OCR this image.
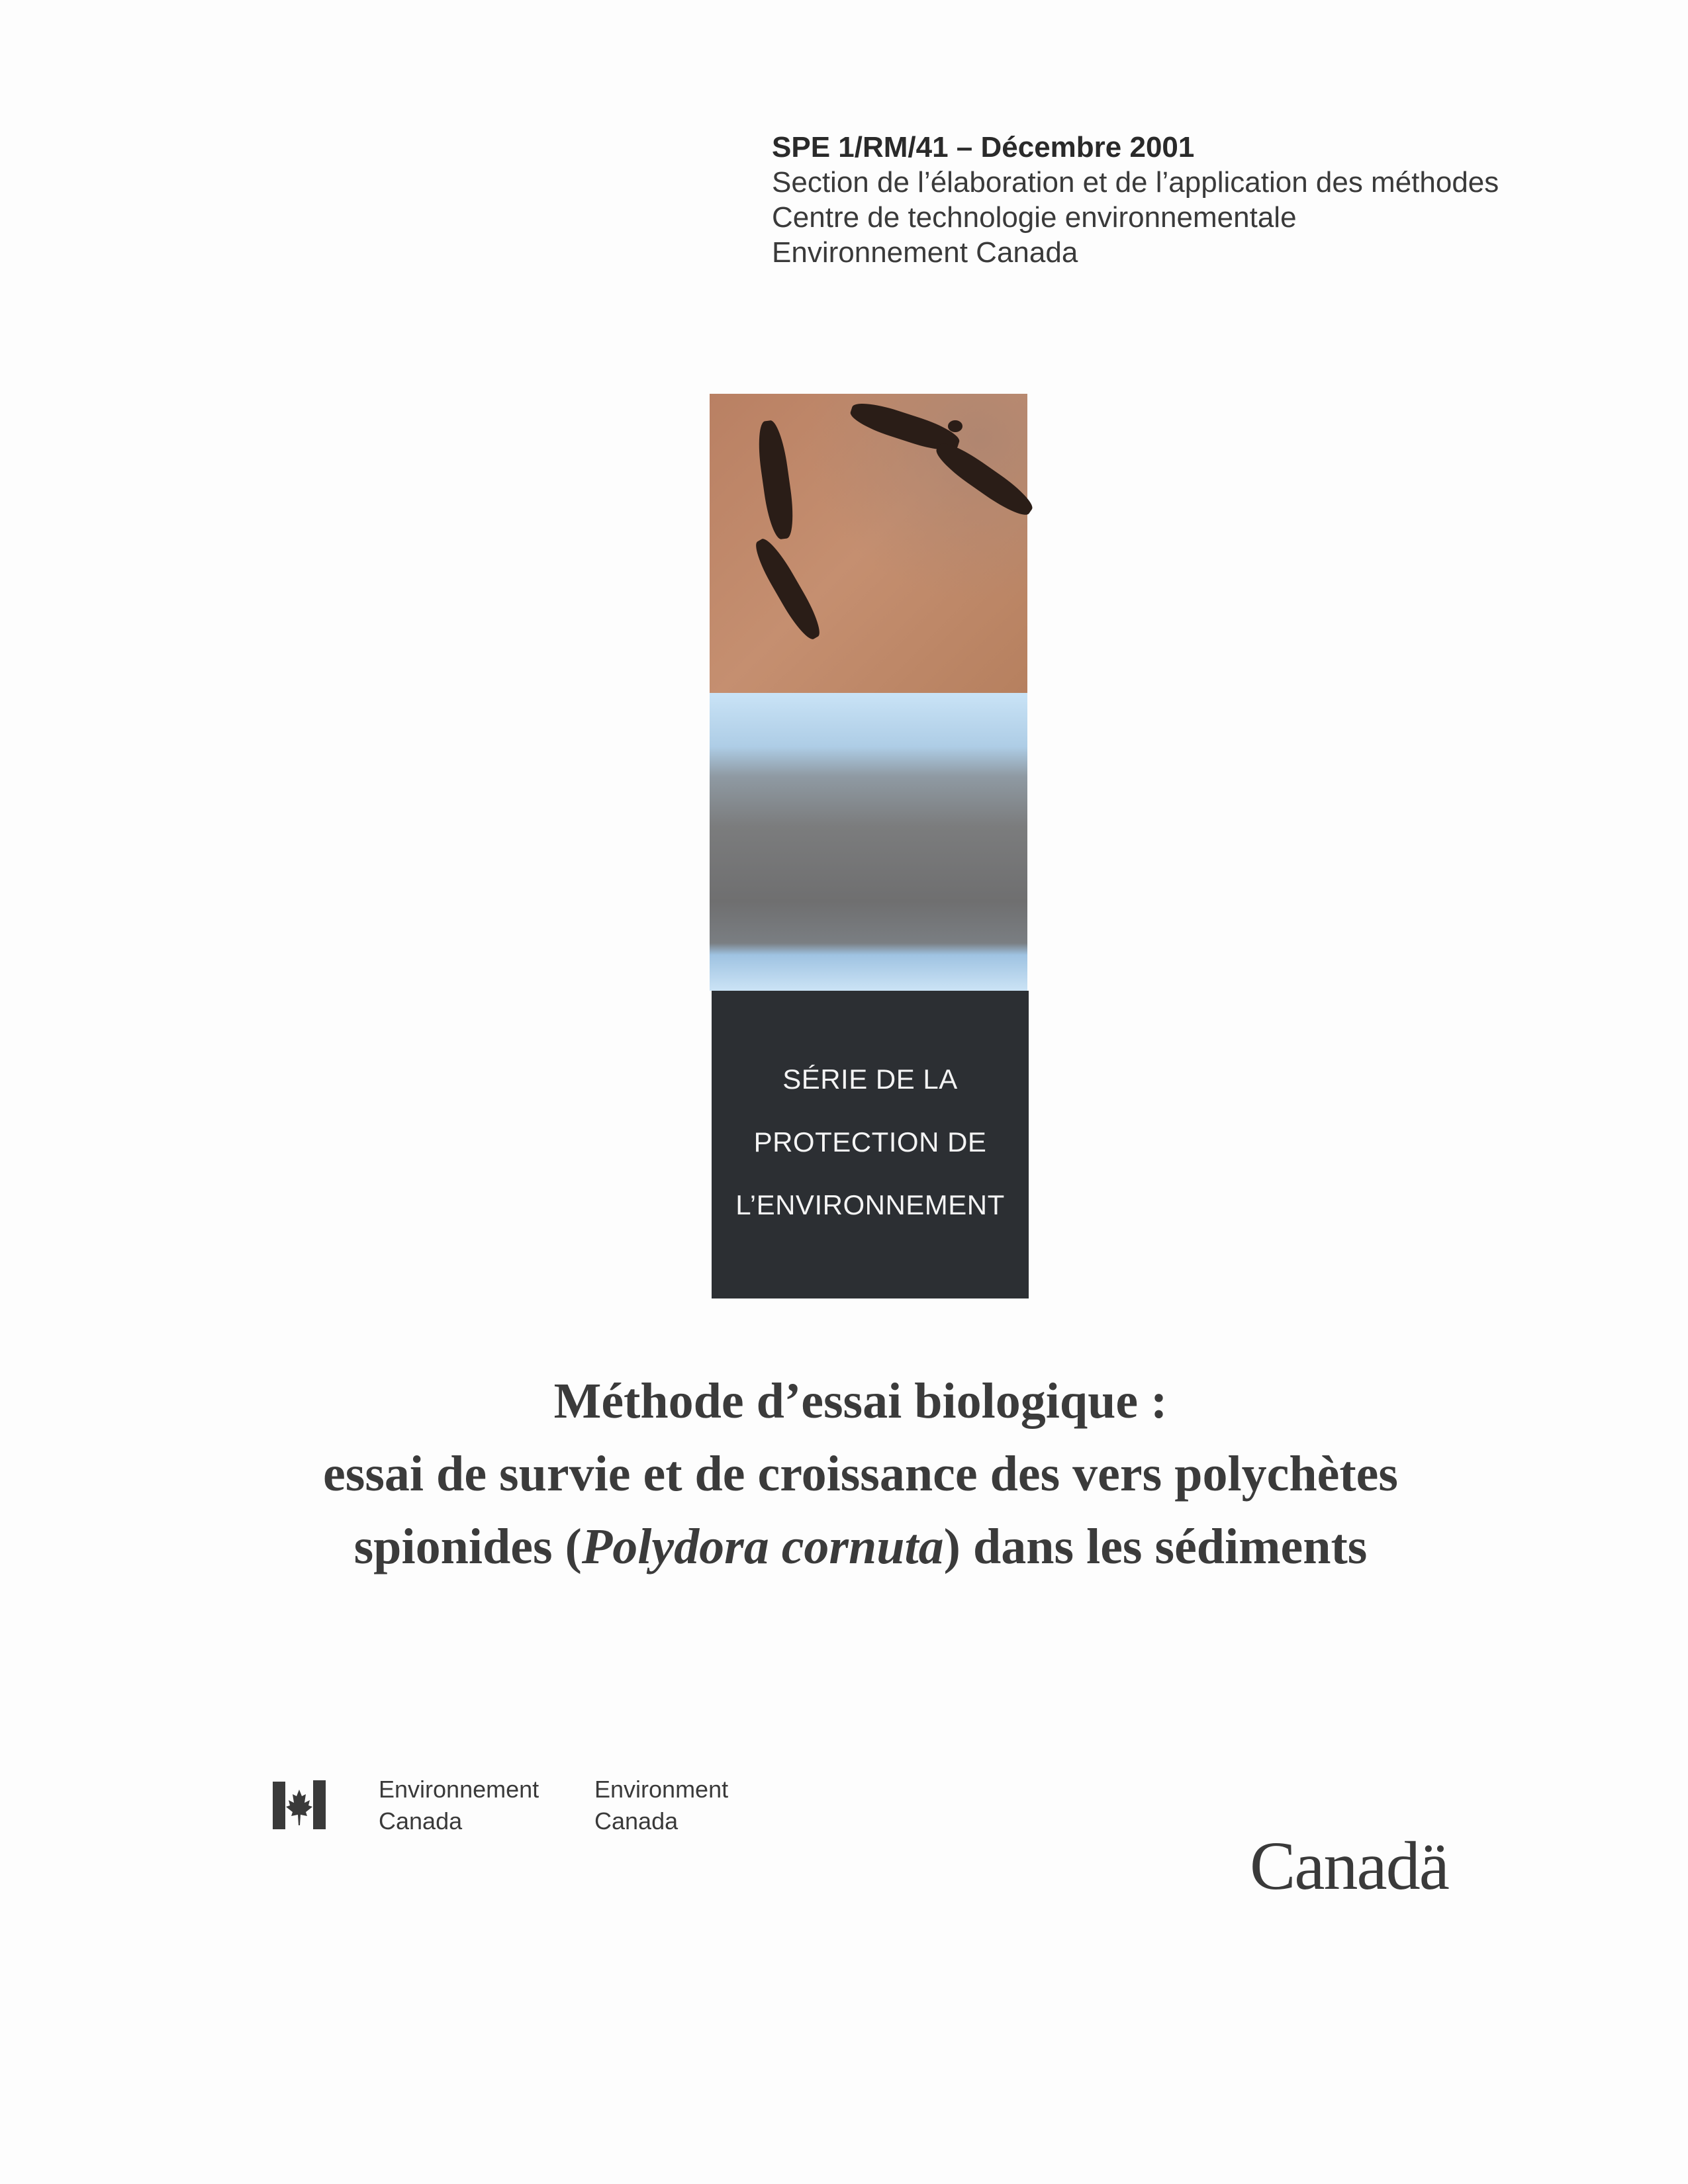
SPE 1/RM/41 – Décembre 2001
Section de l’élaboration et de l’application des méthodes
Centre de technologie environnementale
Environnement Canada
SÉRIE DE LA
PROTECTION DE
L’ENVIRONNEMENT
Méthode d’essai biologique :
essai de survie et de croissance des vers polychètes
spionides (Polydora cornuta) dans les sédiments
Environnement
Canada
Environment
Canada
Canadä
